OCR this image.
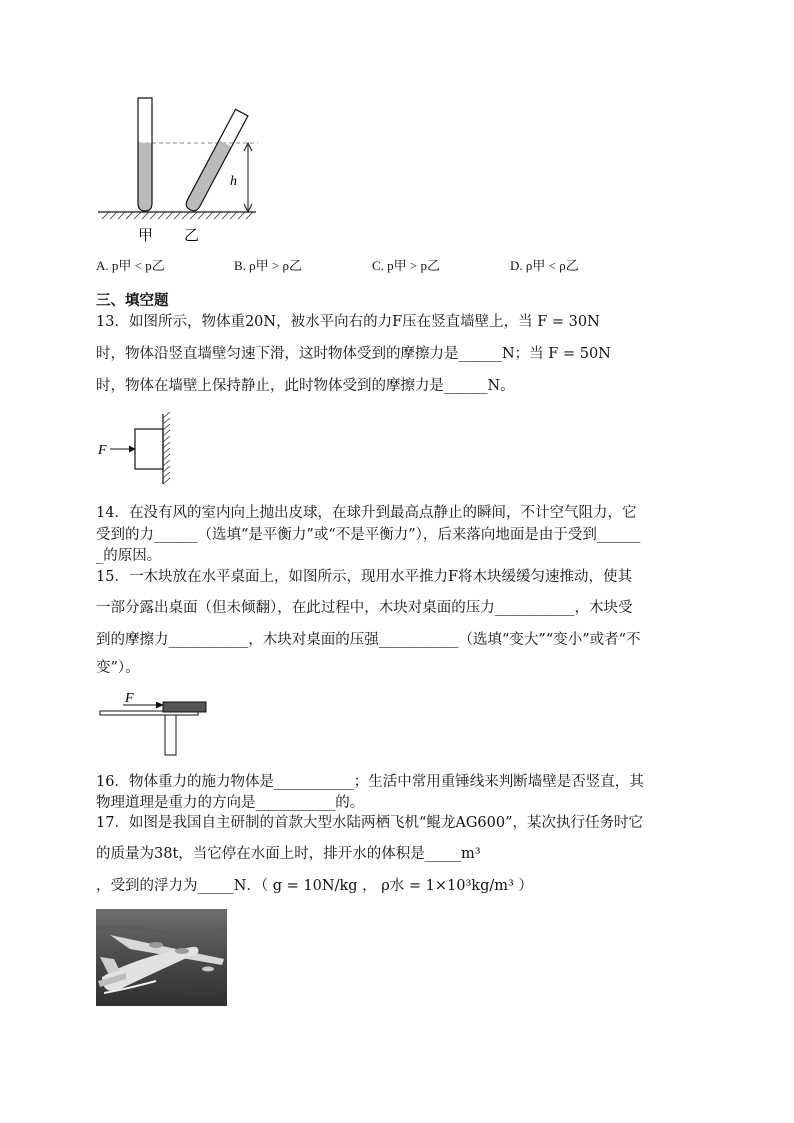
h
甲 乙
A. p甲 < p乙	B. ρ甲 > ρ乙	C. p甲 > p乙	D. ρ甲 < ρ乙
三、填空题
13．如图所示，物体重20N，被水平向右的力F压在竖直墙壁上，当 F = 30N
时，物体沿竖直墙壁匀速下滑，这时物体受到的摩擦力是______N；当 F = 50N
时，物体在墙壁上保持静止，此时物体受到的摩擦力是______N。
F
14．在没有风的室内向上抛出皮球，在球升到最高点静止的瞬间，不计空气阻力，它
受到的力______（选填“是平衡力”或“不是平衡力”），后来落向地面是由于受到______
_的原因。
15．一木块放在水平桌面上，如图所示，现用水平推力F将木块缓缓匀速推动，使其
一部分露出桌面（但未倾翻），在此过程中，木块对桌面的压力___________，木块受
到的摩擦力___________，木块对桌面的压强___________（选填“变大”“变小”或者“不
变”）。
F
16．物体重力的施力物体是___________；生活中常用重锤线来判断墙壁是否竖直，其
物理道理是重力的方向是___________的。
17．如图是我国自主研制的首款大型水陆两栖飞机“鲲龙AG600”，某次执行任务时它
的质量为38t，当它停在水面上时，排开水的体积是_____m³
，受到的浮力为_____N．（ g = 10N/kg ， ρ水 = 1×10³kg/m³ ）
